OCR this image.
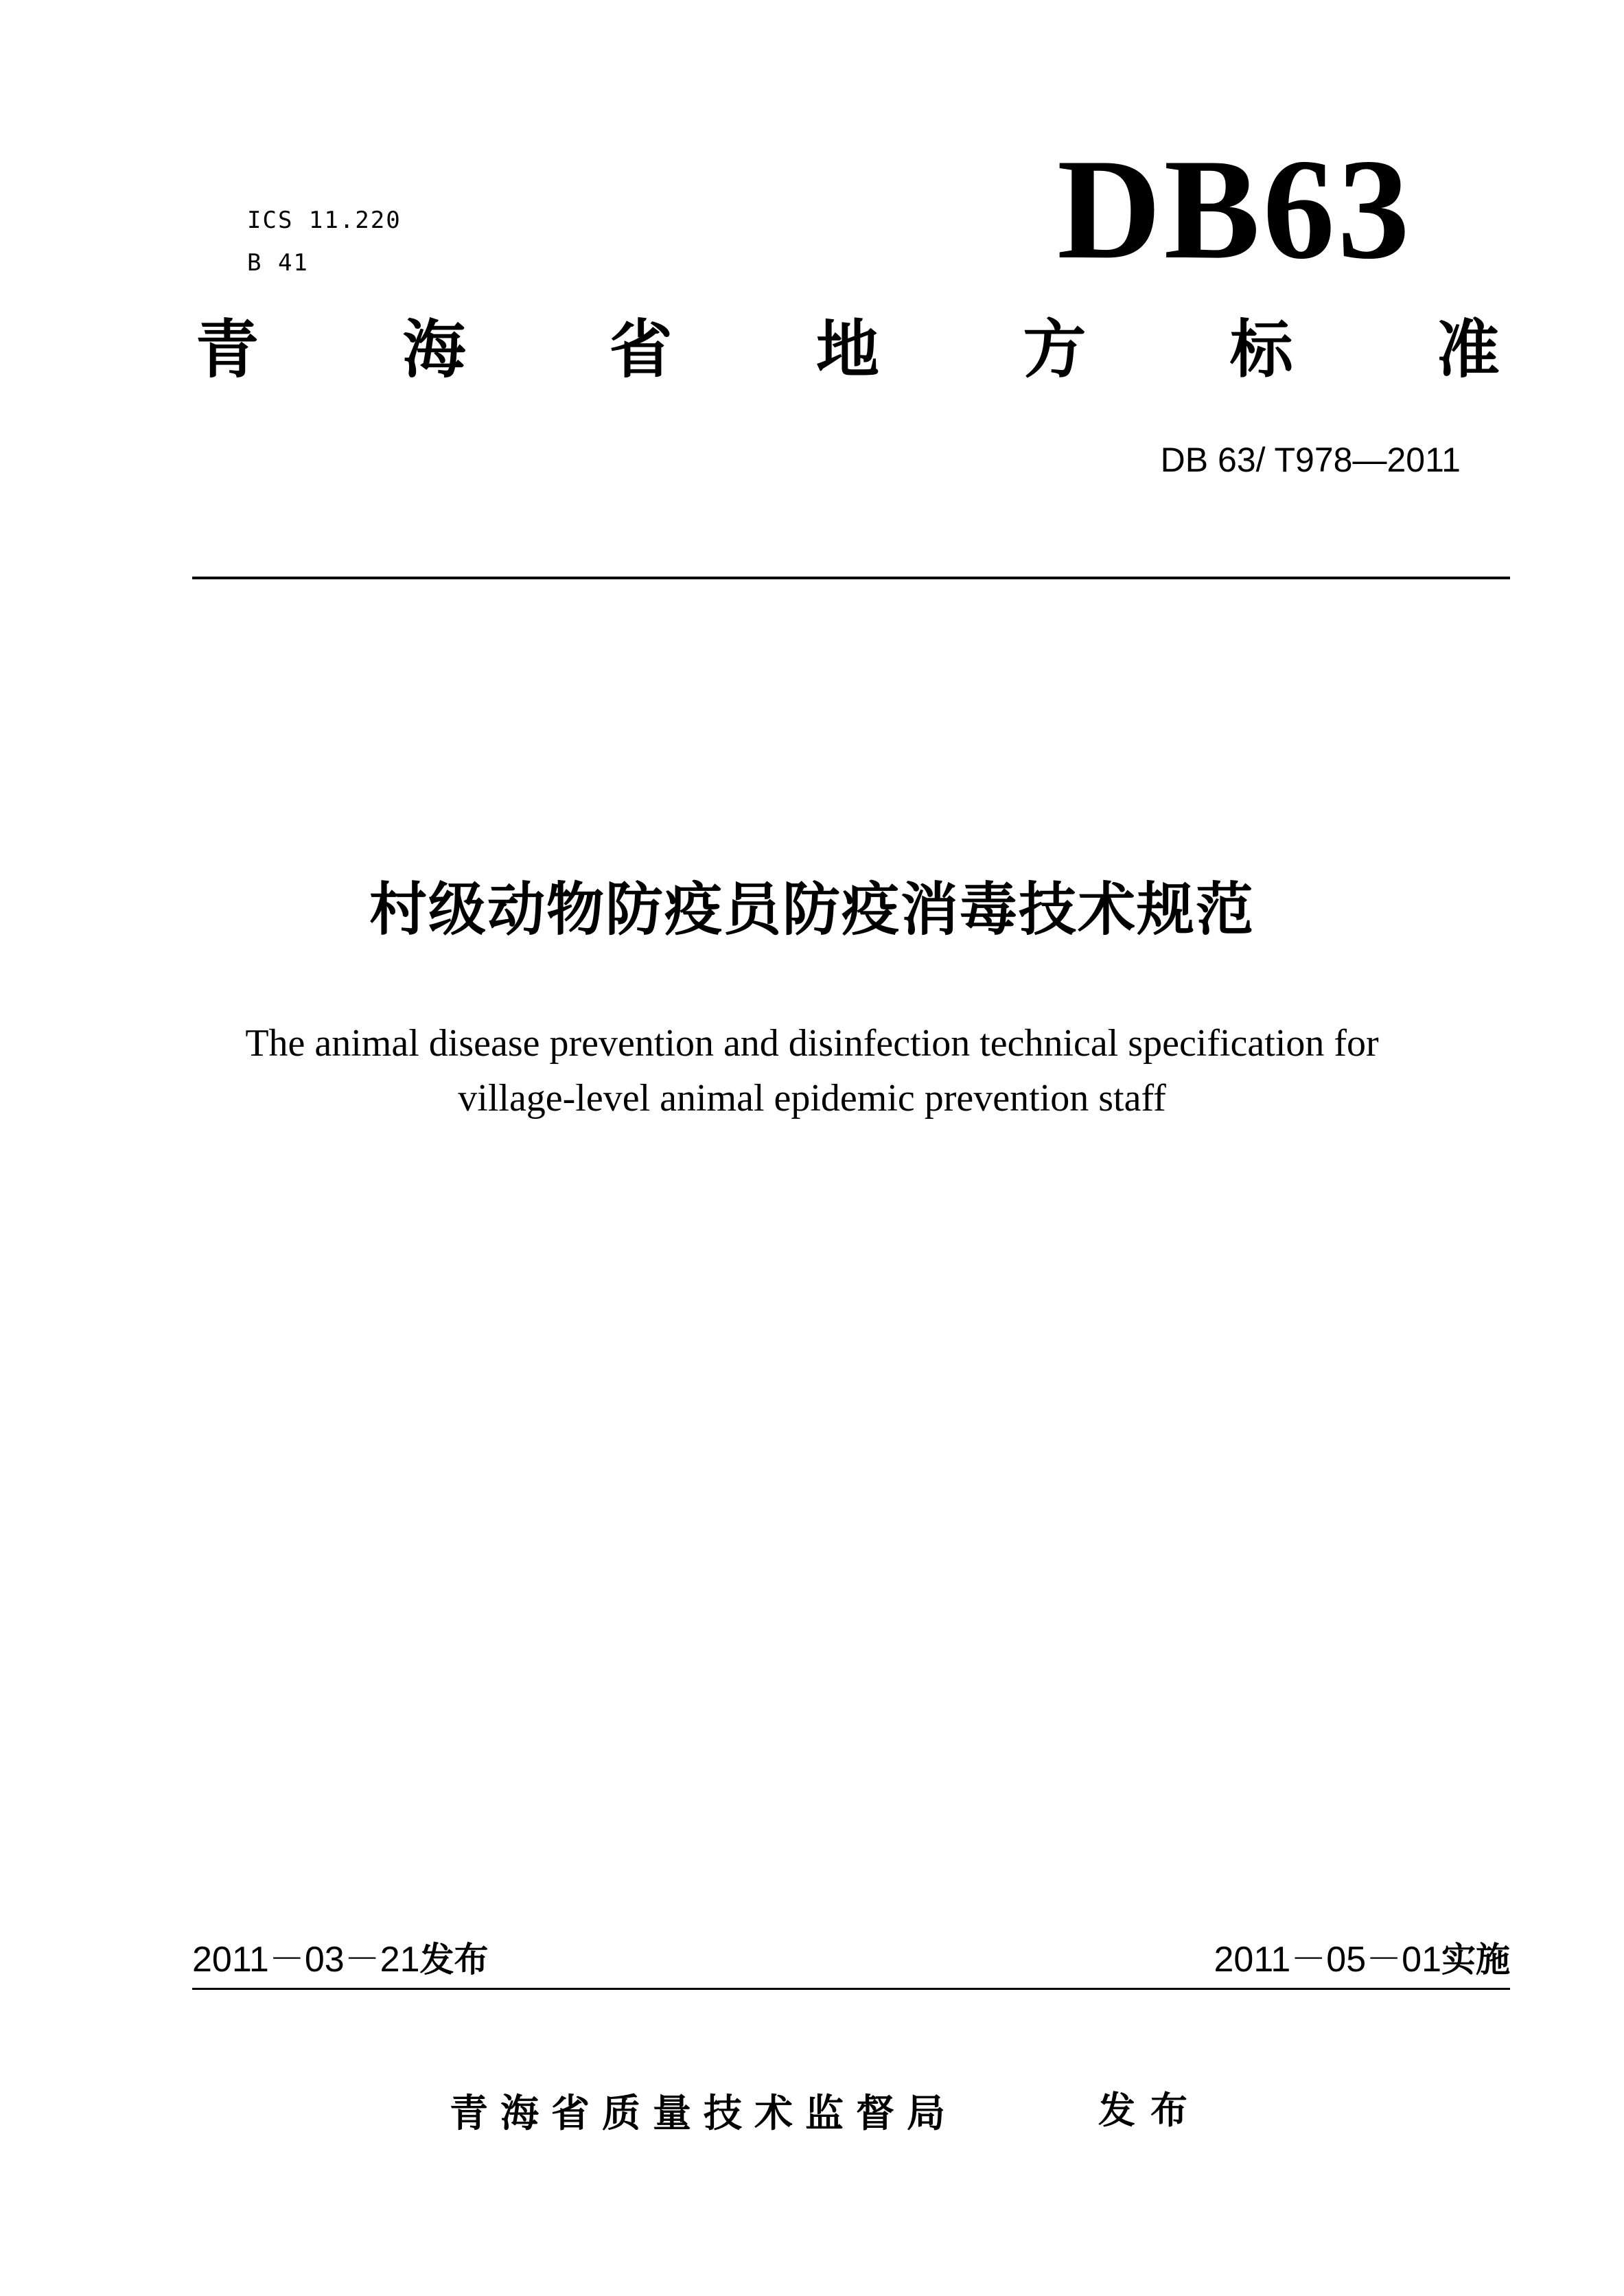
ICS 11.220
B 41	DB63
青 海 省 地 方 标 准
DB 63/ T978—2011
村级动物防疫员防疫消毒技术规范
The animal disease prevention and disinfection technical specification for
village-level animal epidemic prevention staff
2011－03－21发布	2011－05－01实施
青海省质量技术监督局	发布
